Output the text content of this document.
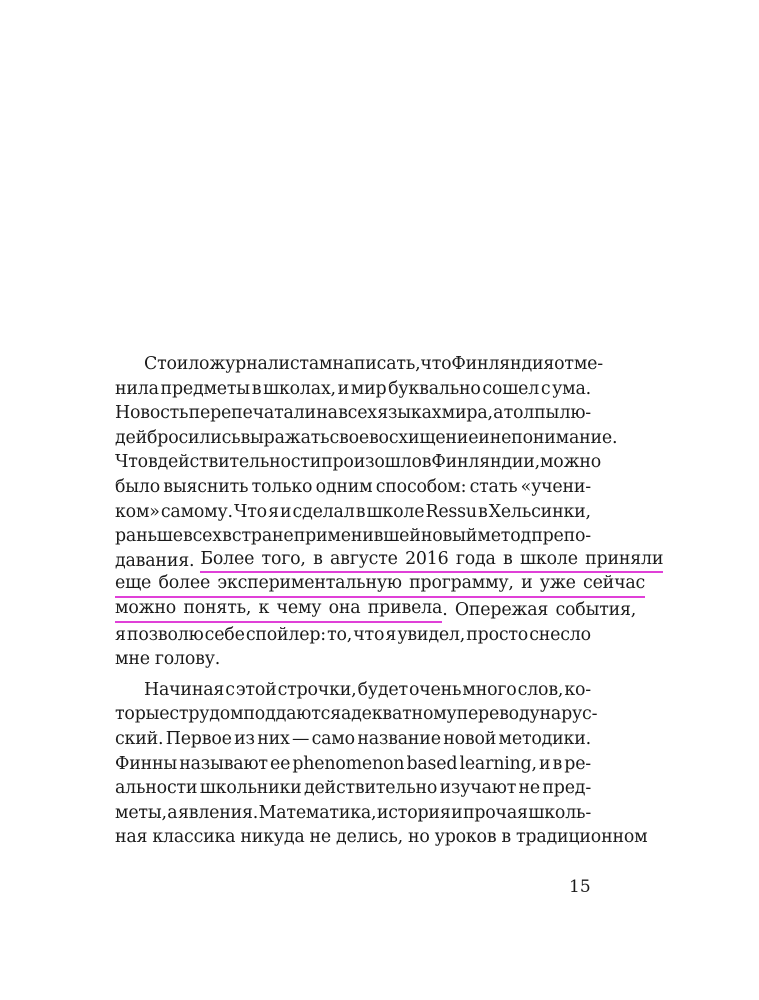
Стоило журналистам написать, что Финляндия отме-
нила предметы в школах, и мир буквально сошел с ума.
Новость перепечатали на всех языках мира, а толпы лю-
дей бросились выражать свое восхищение и непонимание.
Что в действительности произошло в Финляндии, можно
было выяснить только одним способом: стать «учени-
ком» самому. Что я и сделал в школе Ressu в Хельсинки,
раньше всех в стране применившей новый метод препо-
давания. Более того, в августе 2016 года в школе приняли
еще более экспериментальную программу, и уже сейчас
можно понять, к чему она привела . Опережая события,
я позволю себе спойлер: то, что я увидел, просто снесло
мне голову.
Начиная с этой строчки, будет очень много слов, ко-
торые с трудом поддаются адекватному переводу на рус-
ский. Первое из них — само название новой методики.
Финны называют ее phenomenon based learning, и в ре-
альности школьники действительно изучают не пред-
меты, а явления. Математика, история и прочая школь-
ная классика никуда не делись, но уроков в традиционном
15
